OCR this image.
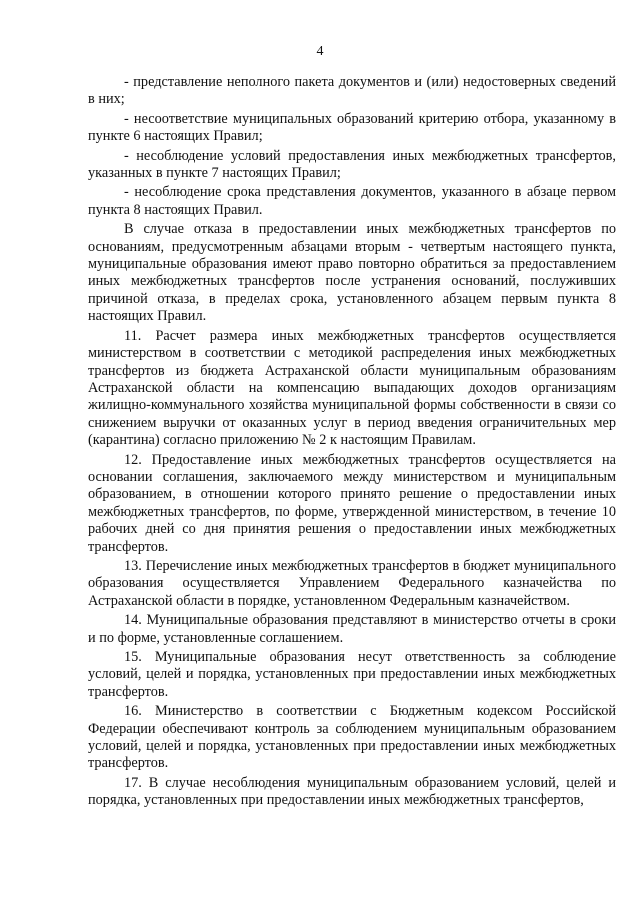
4

- представление неполного пакета документов и (или) недостоверных сведений в них;

- несоответствие муниципальных образований критерию отбора, указанному в пункте 6 настоящих Правил;

- несоблюдение условий предоставления иных межбюджетных трансфертов, указанных в пункте 7 настоящих Правил;

- несоблюдение срока представления документов, указанного в абзаце первом пункта 8 настоящих Правил.

В случае отказа в предоставлении иных межбюджетных трансфертов по основаниям, предусмотренным абзацами вторым - четвертым настоящего пункта, муниципальные образования имеют право повторно обратиться за предоставлением иных межбюджетных трансфертов после устранения оснований, послуживших причиной отказа, в пределах срока, установленного абзацем первым пункта 8 настоящих Правил.

11. Расчет размера иных межбюджетных трансфертов осуществляется министерством в соответствии с методикой распределения иных межбюджетных трансфертов из бюджета Астраханской области муниципальным образованиям Астраханской области на компенсацию выпадающих доходов организациям жилищно-коммунального хозяйства муниципальной формы собственности в связи со снижением выручки от оказанных услуг в период введения ограничительных мер (карантина) согласно приложению № 2 к настоящим Правилам.

12. Предоставление иных межбюджетных трансфертов осуществляется на основании соглашения, заключаемого между министерством и муниципальным образованием, в отношении которого принято решение о предоставлении иных межбюджетных трансфертов, по форме, утвержденной министерством, в течение 10 рабочих дней со дня принятия решения о предоставлении иных межбюджетных трансфертов.

13. Перечисление иных межбюджетных трансфертов в бюджет муниципального образования осуществляется Управлением Федерального казначейства по Астраханской области в порядке, установленном Федеральным казначейством.

14. Муниципальные образования представляют в министерство отчеты в сроки и по форме, установленные соглашением.

15. Муниципальные образования несут ответственность за соблюдение условий, целей и порядка, установленных при предоставлении иных межбюджетных трансфертов.

16. Министерство в соответствии с Бюджетным кодексом Российской Федерации обеспечивают контроль за соблюдением муниципальным образованием условий, целей и порядка, установленных при предоставлении иных межбюджетных трансфертов.

17. В случае несоблюдения муниципальным образованием условий, целей и порядка, установленных при предоставлении иных межбюджетных трансфертов,
